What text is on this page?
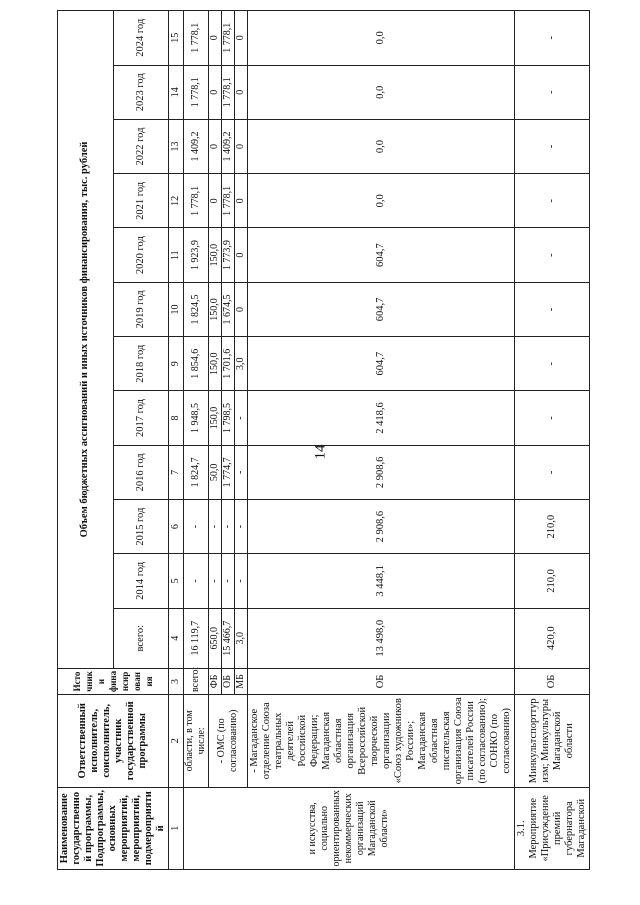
14
Наименование государственной программы, Подпрограммы, основных мероприятий, мероприятий, подмероприятий	Ответственный исполнитель, соисполнитель, участник государственной программы	Источники финансирования	Объем бюджетных ассигнований и иных источников финансирования, тыс. рублей											
			всего:	2014 год	2015 год	2016 год	2017 год	2018 год	2019 год	2020 год	2021 год	2022 год	2023 год	2024 год
1	2	3	4	5	6	7	8	9	10	11	12	13	14	15
и искусства, социально ориентированных некоммерческих организаций Магаданской области»	области, в том числе:	всего:	16 119,7	-	-	1 824,7	1 948,5	1 854,6	1 824,5	1 923,9	1 778,1	1 409,2	1 778,1	1 778,1
	- ОМС (по согласованию)	ФБ	650,0	-	-	50,0	150,0	150,0	150,0	150,0	0	0	0	0
		ОБ	15 466,7	-	-	1 774,7	1 798,5	1 701,6	1 674,5	1 773,9	1 778,1	1 409,2	1 778,1	1 778,1
		МБ	3,0	-	-	-	-	3,0	0	0	0	0	0	0
	- Магаданское отделение Союза театральных деятелей Российской Федерации; Магаданская областная организация Всероссийской творческой организации «Союз художников России»; Магаданская областная писательская организация Союза писателей России (по согласованию); СОНКО (по согласованию)	ОБ	13 498,0	3 448,1	2 908,6	2 908,6	2 418,6	604,7	604,7	604,7	0,0	0,0	0,0	0,0
3.1. Мероприятие «Присуждение премий губернатора Магаданской	Минкультспорттуризм; Минкультуры Магаданской области	ОБ	420,0	210,0	210,0	-	-	-	-	-	-	-	-	-
